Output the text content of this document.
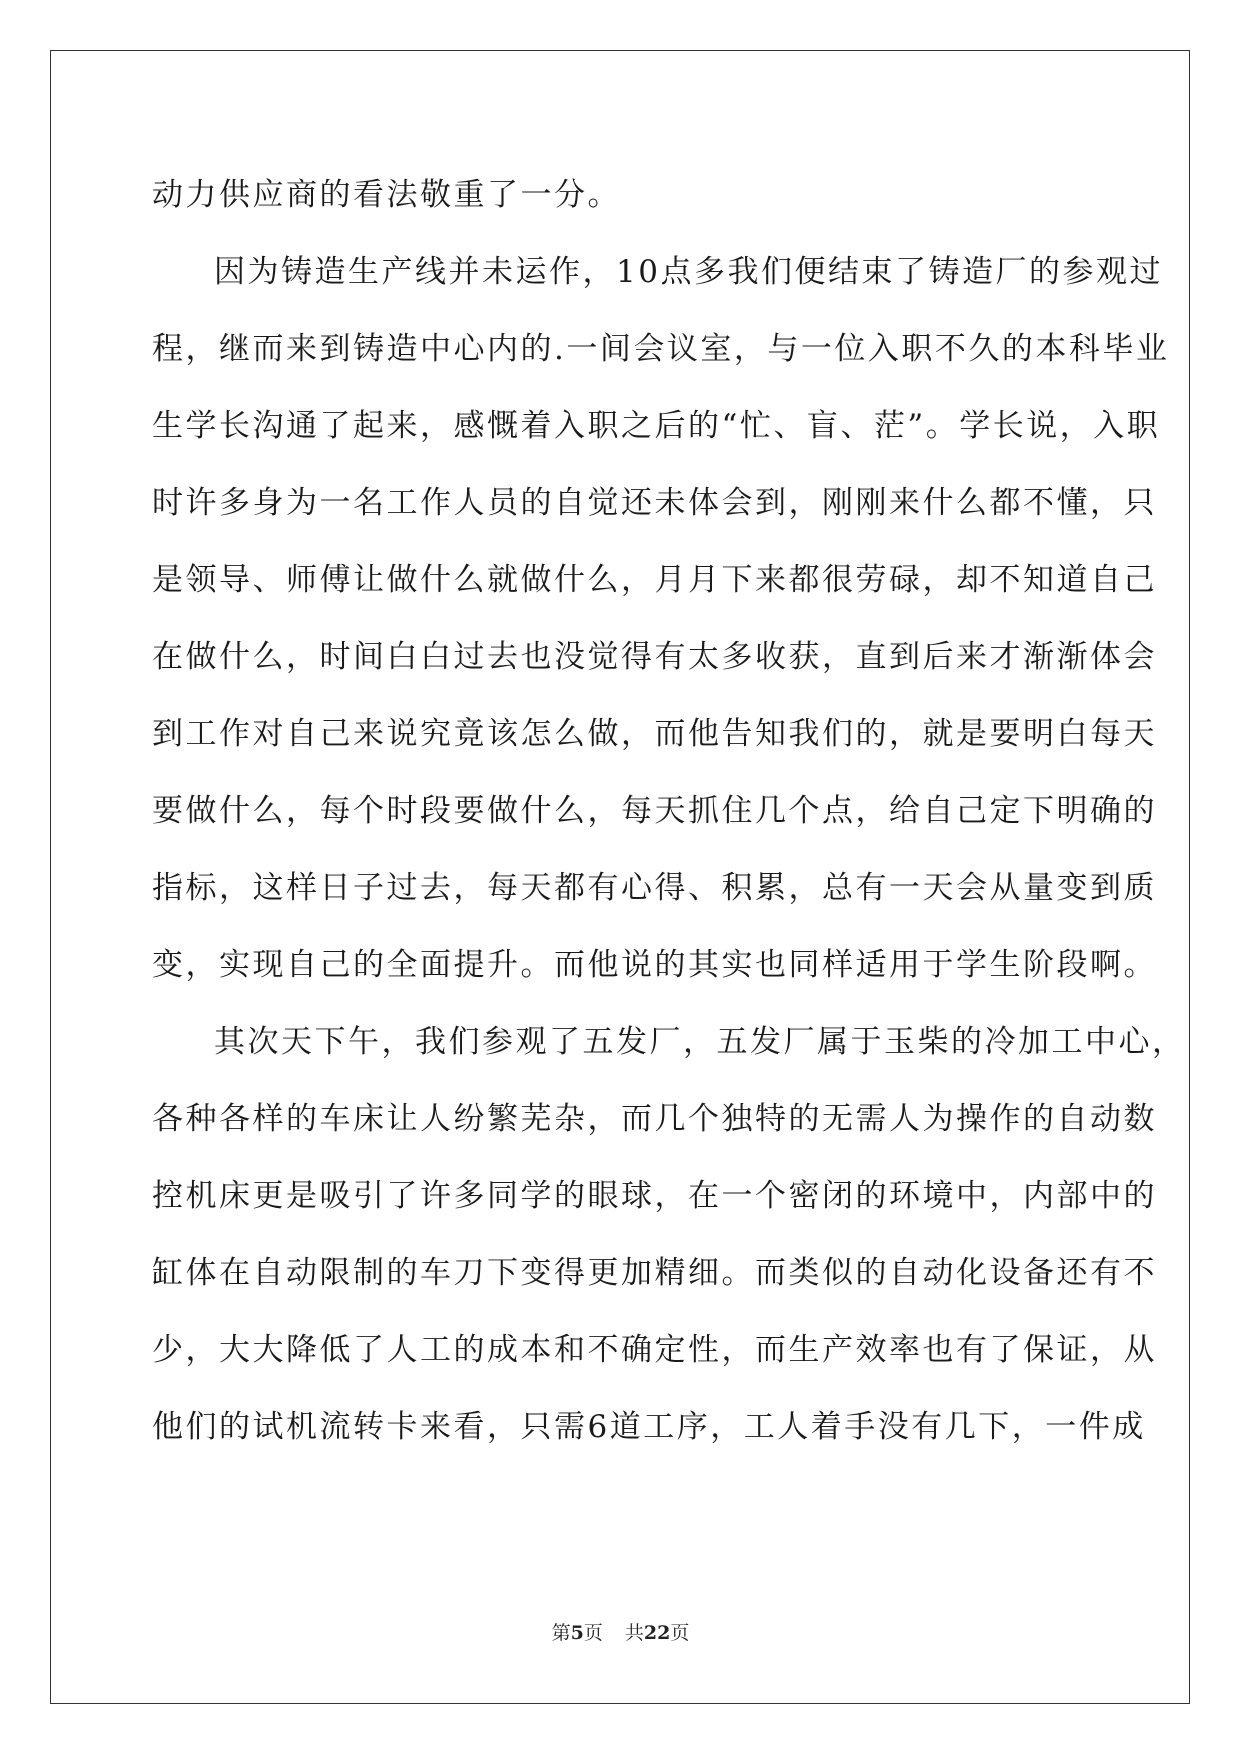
动力供应商的看法敬重了一分。
因为铸造生产线并未运作，10点多我们便结束了铸造厂的参观过
程，继而来到铸造中心内的.一间会议室，与一位入职不久的本科毕业
生学长沟通了起来，感慨着入职之后的“忙、盲、茫”。学长说，入职
时许多身为一名工作人员的自觉还未体会到，刚刚来什么都不懂，只
是领导、师傅让做什么就做什么，月月下来都很劳碌，却不知道自己
在做什么，时间白白过去也没觉得有太多收获，直到后来才渐渐体会
到工作对自己来说究竟该怎么做，而他告知我们的，就是要明白每天
要做什么，每个时段要做什么，每天抓住几个点，给自己定下明确的
指标，这样日子过去，每天都有心得、积累，总有一天会从量变到质
变，实现自己的全面提升。而他说的其实也同样适用于学生阶段啊。
其次天下午，我们参观了五发厂，五发厂属于玉柴的冷加工中心，
各种各样的车床让人纷繁芜杂，而几个独特的无需人为操作的自动数
控机床更是吸引了许多同学的眼球，在一个密闭的环境中，内部中的
缸体在自动限制的车刀下变得更加精细。而类似的自动化设备还有不
少，大大降低了人工的成本和不确定性，而生产效率也有了保证，从
他们的试机流转卡来看，只需6道工序，工人着手没有几下，一件成
第5页 共22页
